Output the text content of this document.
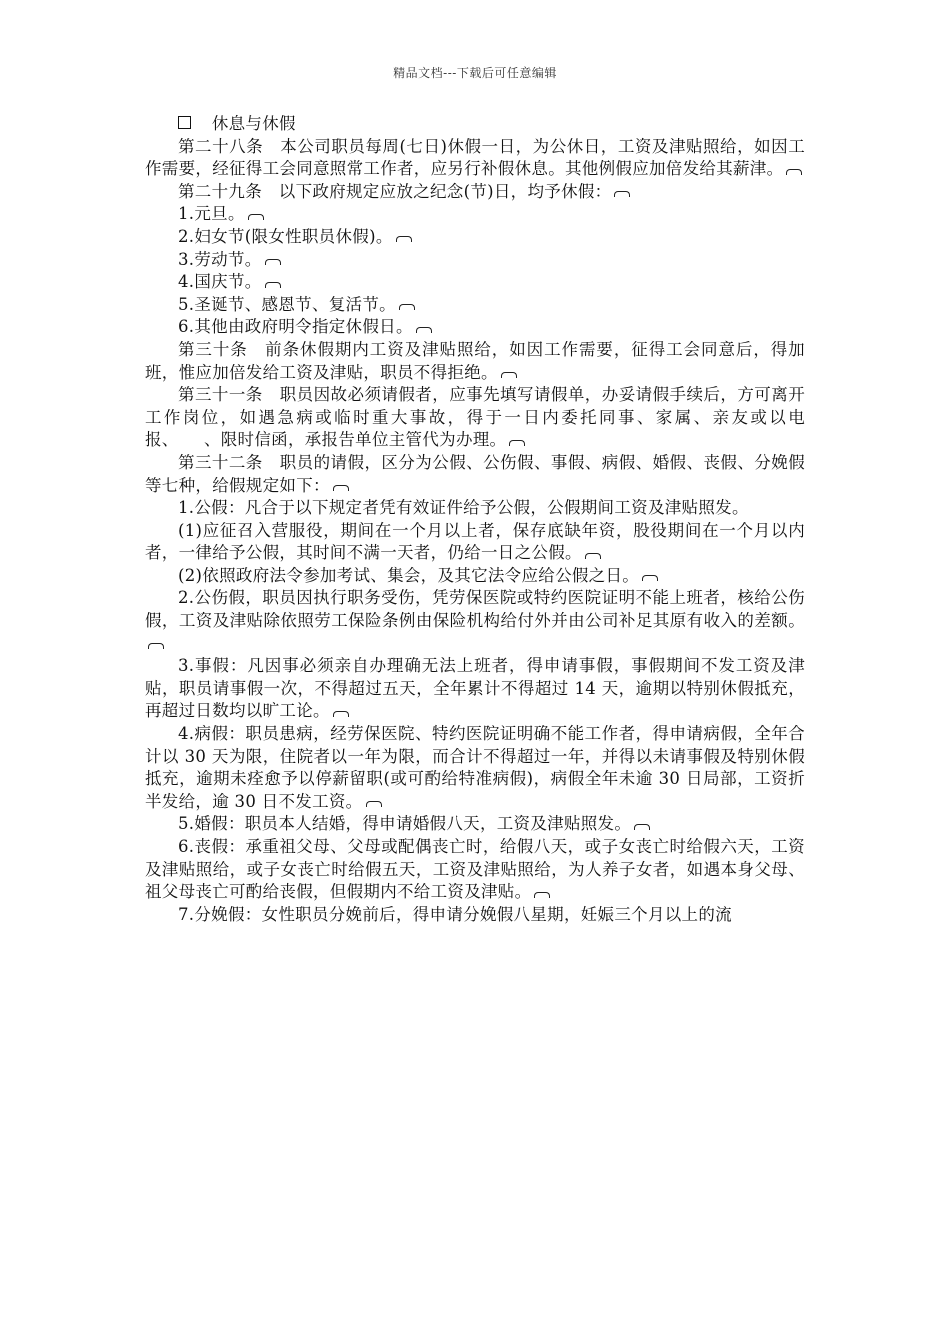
精品文档---下载后可任意编辑

　休息与休假

第二十八条　本公司职员每周(七日)休假一日，为公休日，工资及津贴照给，如因工作需要，经征得工会同意照常工作者，应另行补假休息。其他例假应加倍发给其薪津。

第二十九条　以下政府规定应放之纪念(节)日，均予休假：

1.元旦。

2.妇女节(限女性职员休假)。

3.劳动节。

4.国庆节。

5.圣诞节、感恩节、复活节。

6.其他由政府明令指定休假日。

第三十条　前条休假期内工资及津贴照给，如因工作需要，征得工会同意后，得加班，惟应加倍发给工资及津贴，职员不得拒绝。

第三十一条　职员因故必须请假者，应事先填写请假单，办妥请假手续后，方可离开工作岗位，如遇急病或临时重大事故，得于一日内委托同事、家属、亲友或以电报、　　、限时信函，承报告单位主管代为办理。

第三十二条　职员的请假，区分为公假、公伤假、事假、病假、婚假、丧假、分娩假等七种，给假规定如下：

1.公假：凡合于以下规定者凭有效证件给予公假，公假期间工资及津贴照发。

(1)应征召入营服役，期间在一个月以上者，保存底缺年资，股役期间在一个月以内者，一律给予公假，其时间不满一天者，仍给一日之公假。

(2)依照政府法令参加考试、集会，及其它法令应给公假之日。

2.公伤假，职员因执行职务受伤，凭劳保医院或特约医院证明不能上班者，核给公伤假，工资及津贴除依照劳工保险条例由保险机构给付外并由公司补足其原有收入的差额。

3.事假：凡因事必须亲自办理确无法上班者，得申请事假，事假期间不发工资及津贴，职员请事假一次，不得超过五天，全年累计不得超过 14 天，逾期以特别休假抵充，再超过日数均以旷工论。

4.病假：职员患病，经劳保医院、特约医院证明确不能工作者，得申请病假，全年合计以 30 天为限，住院者以一年为限，而合计不得超过一年，并得以未请事假及特别休假抵充，逾期未痊愈予以停薪留职(或可酌给特准病假)，病假全年未逾 30 日局部，工资折半发给，逾 30 日不发工资。

5.婚假：职员本人结婚，得申请婚假八天，工资及津贴照发。

6.丧假：承重祖父母、父母或配偶丧亡时，给假八天，或子女丧亡时给假六天，工资及津贴照给，或子女丧亡时给假五天，工资及津贴照给，为人养子女者，如遇本身父母、祖父母丧亡可酌给丧假，但假期内不给工资及津贴。

7.分娩假：女性职员分娩前后，得申请分娩假八星期，妊娠三个月以上的流
